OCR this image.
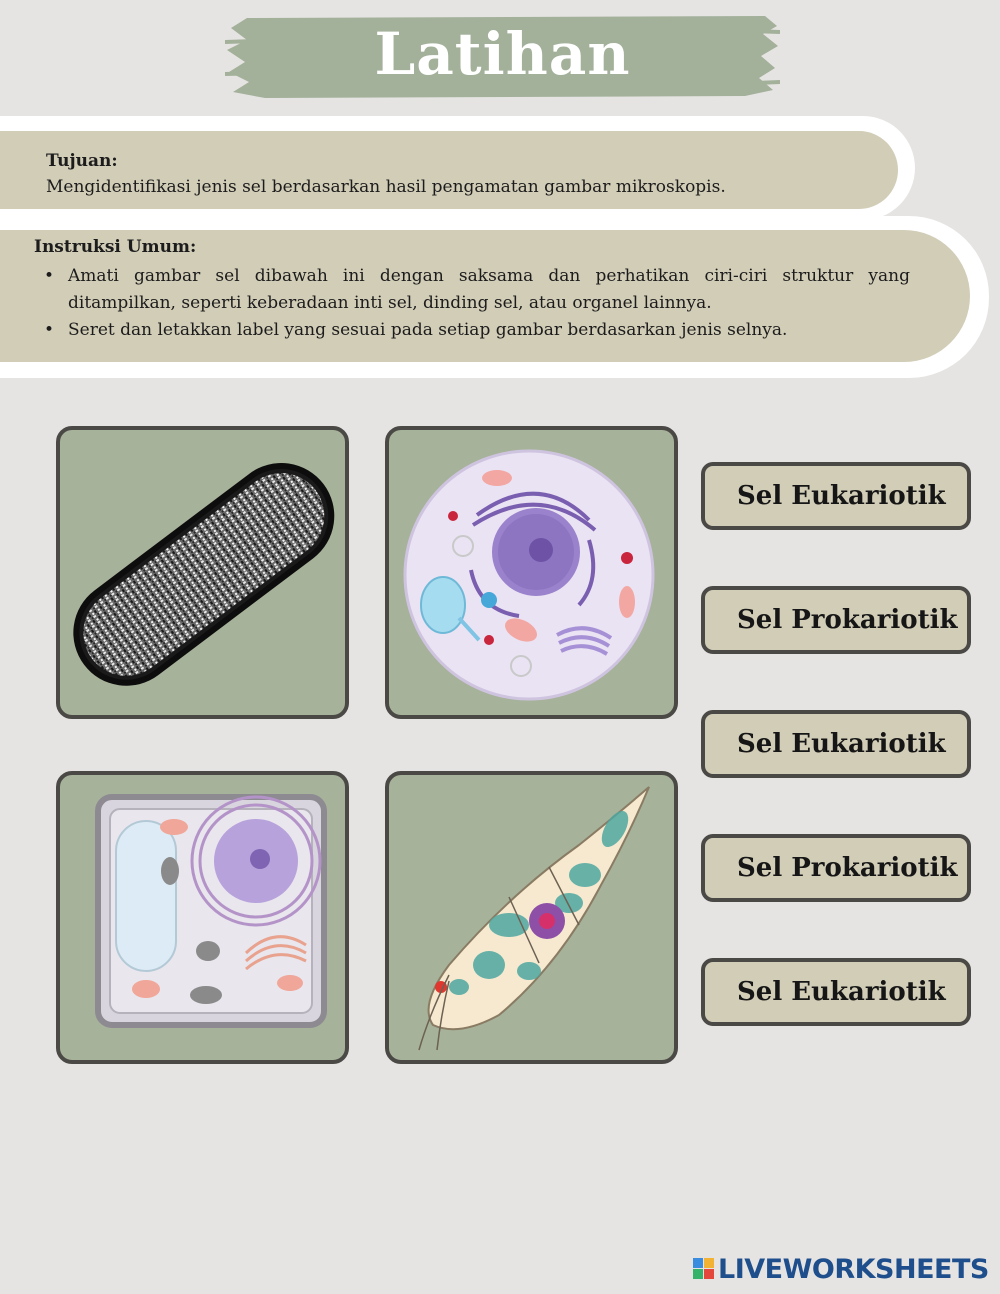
Latihan
Tujuan:
Mengidentifikasi jenis sel berdasarkan hasil pengamatan gambar mikroskopis.
Instruksi Umum:
• Amati gambar sel dibawah ini dengan saksama dan perhatikan ciri-ciri struktur yang ditampilkan, seperti keberadaan inti sel, dinding sel, atau organel lainnya.
• Seret dan letakkan label yang sesuai pada setiap gambar berdasarkan jenis selnya.
Sel Eukariotik
Sel Prokariotik
Sel Eukariotik
Sel Prokariotik
Sel Eukariotik
LIVEWORKSHEETS
